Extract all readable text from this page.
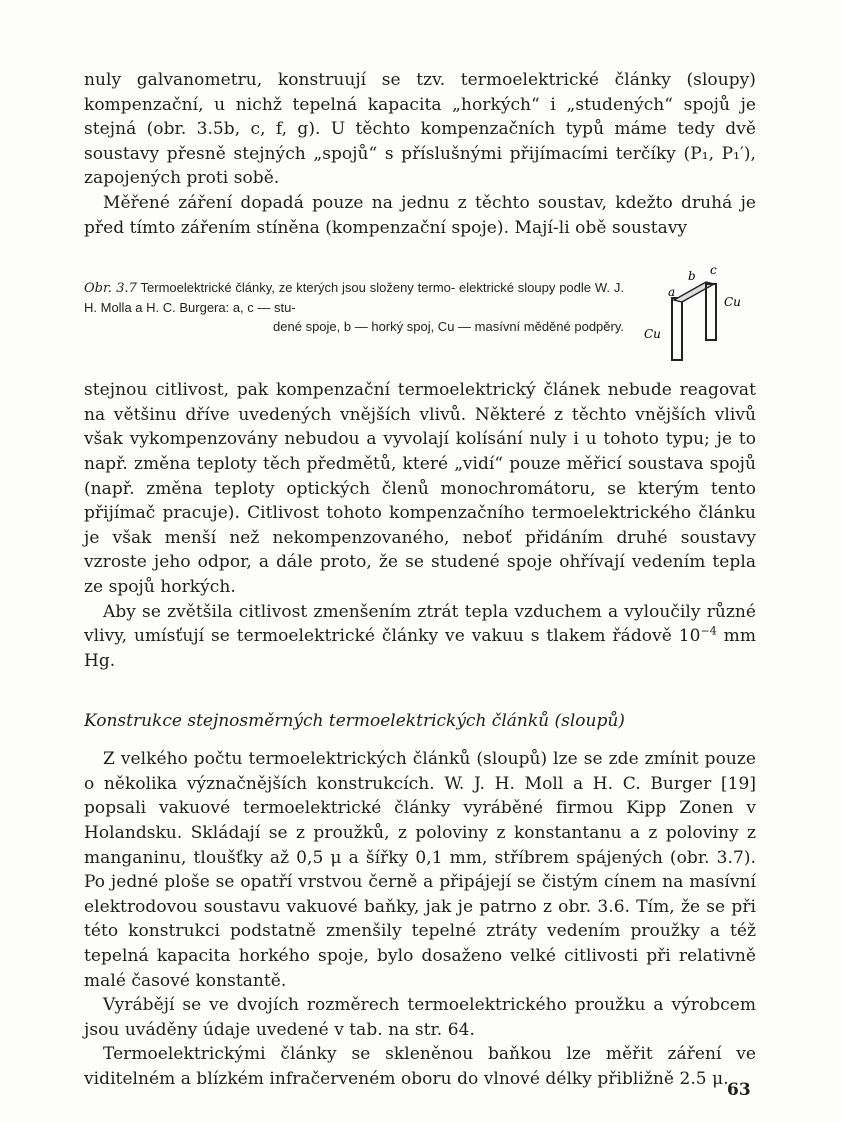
nuly galvanometru, konstruují se tzv. termoelektrické články (sloupy) kompenzační, u nichž tepelná kapacita „horkých“ i „studených“ spojů je stejná (obr. 3.5b, c, f, g). U těchto kompenzačních typů máme tedy dvě soustavy přesně stejných „spojů“ s příslušnými přijímacími terčíky (P₁, P₁′), zapojených proti sobě.

Měřené záření dopadá pouze na jednu z těchto soustav, kdežto druhá je před tímto zářením stíněna (kompenzační spoje). Mají-li obě soustavy

Obr. 3.7 Termoelektrické články, ze kterých jsou složeny termo- elektrické sloupy podle W. J. H. Molla a H. C. Burgera: a, c — stu-
dené spoje, b — horký spoj, Cu — masívní měděné podpěry.
a
b c
Cu
Cu

stejnou citlivost, pak kompenzační termoelektrický článek nebude reagovat na většinu dříve uvedených vnějších vlivů. Některé z těchto vnějších vlivů však vykompenzovány nebudou a vyvolají kolísání nuly i u tohoto typu; je to např. změna teploty těch předmětů, které „vidí“ pouze měřicí soustava spojů (např. změna teploty optických členů monochromátoru, se kterým tento přijímač pracuje). Citlivost tohoto kompenzačního termoelektrického článku je však menší než nekompenzovaného, neboť přidáním druhé soustavy vzroste jeho odpor, a dále proto, že se studené spoje ohřívají vedením tepla ze spojů horkých.

Aby se zvětšila citlivost zmenšením ztrát tepla vzduchem a vyloučily různé vlivy, umísťují se termoelektrické články ve vakuu s tlakem řádově $10^{-4}$ mm Hg.

Konstrukce stejnosměrných termoelektrických článků (sloupů)

Z velkého počtu termoelektrických článků (sloupů) lze se zde zmínit pouze o několika význačnějších konstrukcích. W. J. H. Moll a H. C. Burger [19] popsali vakuové termoelektrické články vyráběné firmou Kipp Zonen v Holandsku. Skládají se z proužků, z poloviny z konstantanu a z poloviny z manganinu, tloušťky až 0,5 μ a šířky 0,1 mm, stříbrem spájených (obr. 3.7). Po jedné ploše se opatří vrstvou černě a připájejí se čistým cínem na masívní elektrodovou soustavu vakuové baňky, jak je patrno z obr. 3.6. Tím, že se při této konstrukci podstatně zmenšily tepelné ztráty vedením proužky a též tepelná kapacita horkého spoje, bylo dosaženo velké citlivosti při relativně malé časové konstantě.

Vyrábějí se ve dvojích rozměrech termoelektrického proužku a výrobcem jsou uváděny údaje uvedené v tab. na str. 64.

Termoelektrickými články se skleněnou baňkou lze měřit záření ve viditelném a blízkém infračerveném oboru do vlnové délky přibližně 2.5 μ.

63
